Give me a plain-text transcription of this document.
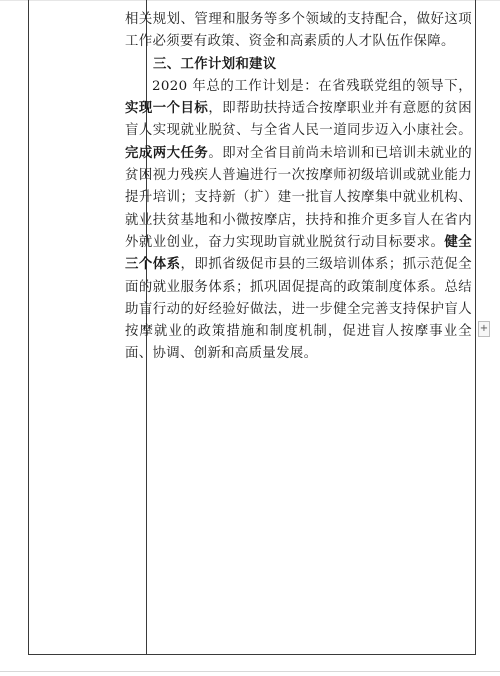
相关规划、管理和服务等多个领域的支持配合，做好这项工作必须要有政策、资金和高素质的人才队伍作保障。

三、工作计划和建议

2020 年总的工作计划是：在省残联党组的领导下，实现一个目标，即帮助扶持适合按摩职业并有意愿的贫困盲人实现就业脱贫、与全省人民一道同步迈入小康社会。完成两大任务。即对全省目前尚未培训和已培训未就业的贫困视力残疾人普遍进行一次按摩师初级培训或就业能力提升培训；支持新（扩）建一批盲人按摩集中就业机构、就业扶贫基地和小微按摩店，扶持和推介更多盲人在省内外就业创业，奋力实现助盲就业脱贫行动目标要求。健全三个体系，即抓省级促市县的三级培训体系；抓示范促全面的就业服务体系；抓巩固促提高的政策制度体系。总结助盲行动的好经验好做法，进一步健全完善支持保护盲人按摩就业的政策措施和制度机制，促进盲人按摩事业全面、协调、创新和高质量发展。

+
